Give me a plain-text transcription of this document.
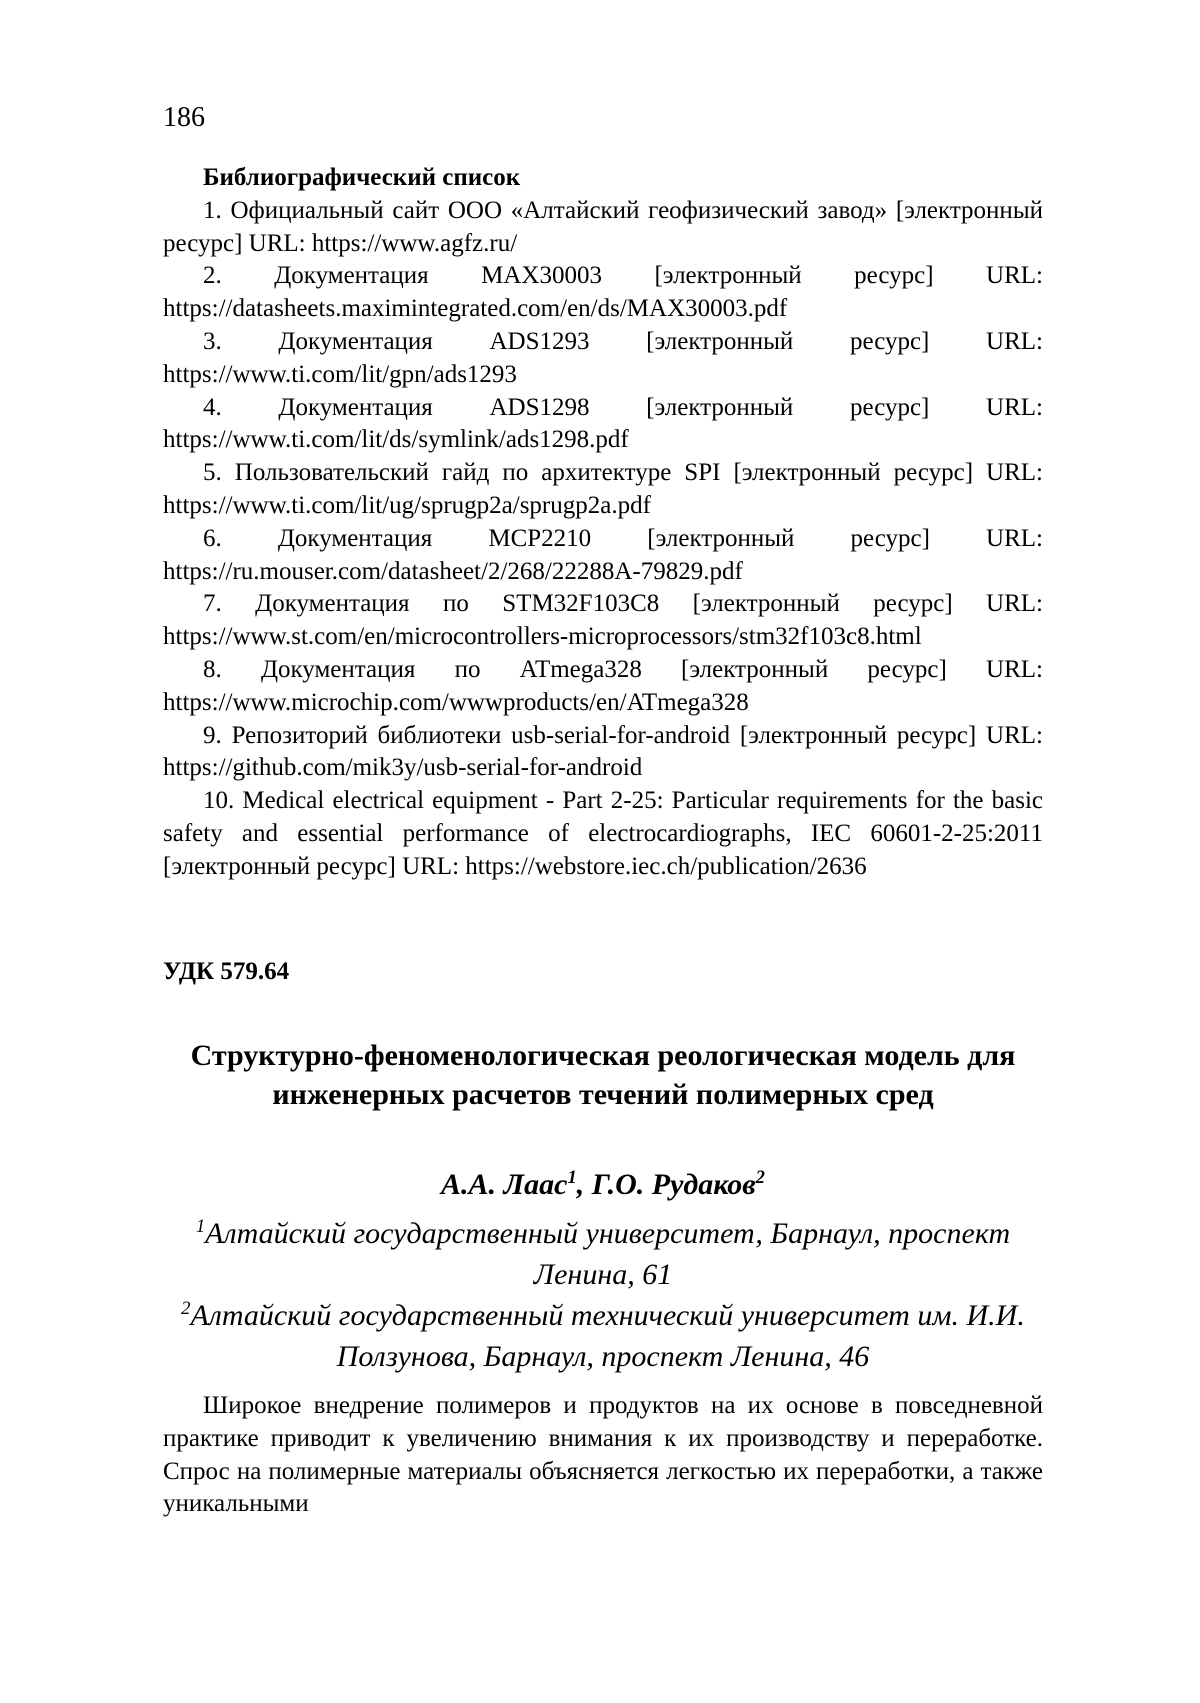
186

Библиографический список

1. Официальный сайт ООО «Алтайский геофизический завод» [электронный ресурс] URL: https://www.agfz.ru/

2. Документация MAX30003 [электронный ресурс] URL: https://datasheets.maximintegrated.com/en/ds/MAX30003.pdf

3. Документация ADS1293 [электронный ресурс] URL: https://www.ti.com/lit/gpn/ads1293

4. Документация ADS1298 [электронный ресурс] URL: https://www.ti.com/lit/ds/symlink/ads1298.pdf

5. Пользовательский гайд по архитектуре SPI [электронный ресурс] URL: https://www.ti.com/lit/ug/sprugp2a/sprugp2a.pdf

6. Документация MCP2210 [электронный ресурс] URL: https://ru.mouser.com/datasheet/2/268/22288A-79829.pdf

7. Документация по STM32F103C8 [электронный ресурс] URL: https://www.st.com/en/microcontrollers-microprocessors/stm32f103c8.html

8. Документация по ATmega328 [электронный ресурс] URL: https://www.microchip.com/wwwproducts/en/ATmega328

9. Репозиторий библиотеки usb-serial-for-android [электронный ресурс] URL: https://github.com/mik3y/usb-serial-for-android

10. Medical electrical equipment - Part 2-25: Particular requirements for the basic safety and essential performance of electrocardiographs, IEC 60601-2-25:2011 [электронный ресурс] URL: https://webstore.iec.ch/publication/2636

УДК 579.64
Структурно-феноменологическая реологическая модель для инженерных расчетов течений полимерных сред
А.А. Лаас$^1$, Г.О. Рудаков$^2$

$^1$Алтайский государственный университет, Барнаул, проспект Ленина, 61

$^2$Алтайский государственный технический университет им. И.И. Ползунова, Барнаул, проспект Ленина, 46

Широкое внедрение полимеров и продуктов на их основе в повседневной практике приводит к увеличению внимания к их производству и переработке. Спрос на полимерные материалы объясняется легкостью их переработки, а также уникальными
